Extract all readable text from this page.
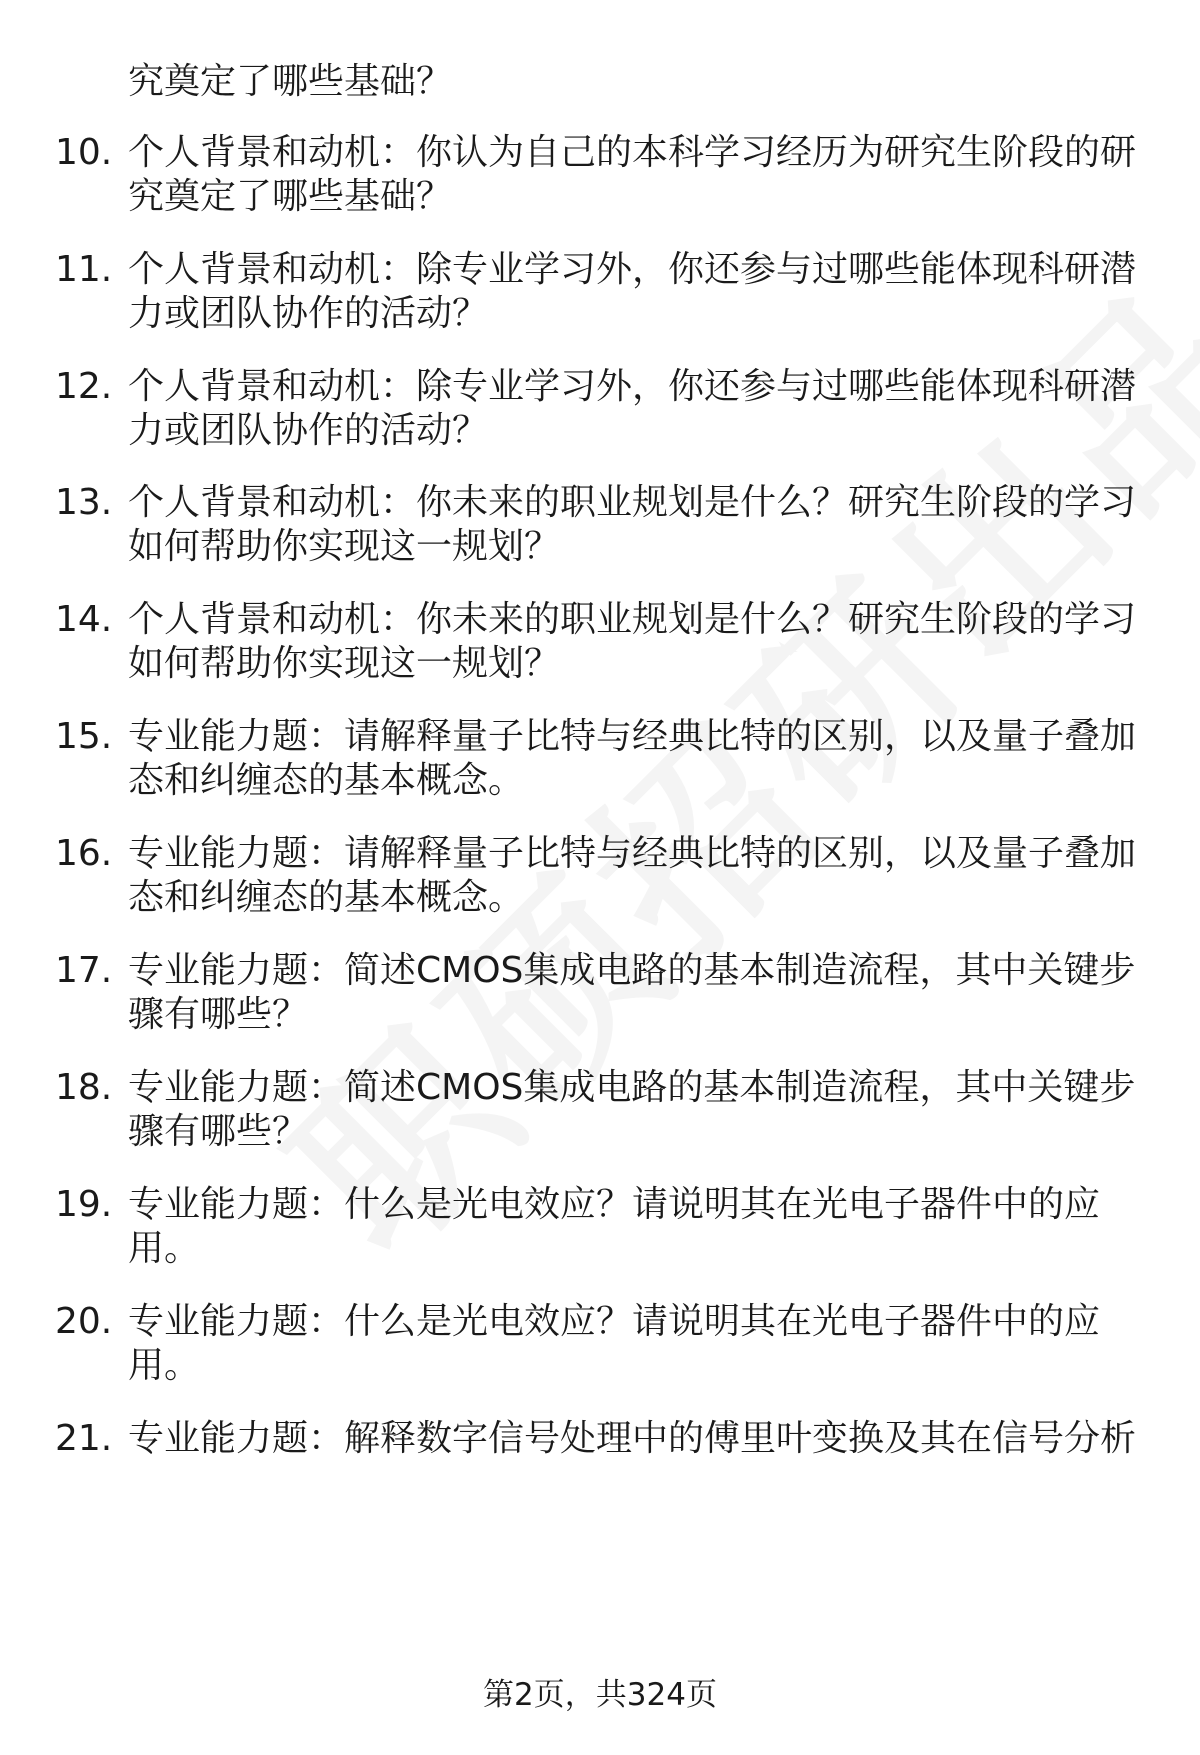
究奠定了哪些基础？
10. 个人背景和动机：你认为自己的本科学习经历为研究生阶段的研
究奠定了哪些基础？
11. 个人背景和动机：除专业学习外，你还参与过哪些能体现科研潜
力或团队协作的活动？
12. 个人背景和动机：除专业学习外，你还参与过哪些能体现科研潜
力或团队协作的活动？
13. 个人背景和动机：你未来的职业规划是什么？研究生阶段的学习
如何帮助你实现这一规划？
14. 个人背景和动机：你未来的职业规划是什么？研究生阶段的学习
如何帮助你实现这一规划？
15. 专业能力题：请解释量子比特与经典比特的区别，以及量子叠加
态和纠缠态的基本概念。
16. 专业能力题：请解释量子比特与经典比特的区别，以及量子叠加
态和纠缠态的基本概念。
17. 专业能力题：简述CMOS集成电路的基本制造流程，其中关键步
骤有哪些？
18. 专业能力题：简述CMOS集成电路的基本制造流程，其中关键步
骤有哪些？
19. 专业能力题：什么是光电效应？请说明其在光电子器件中的应
用。
20. 专业能力题：什么是光电效应？请说明其在光电子器件中的应
用。
21. 专业能力题：解释数字信号处理中的傅里叶变换及其在信号分析
第2页，共324页
